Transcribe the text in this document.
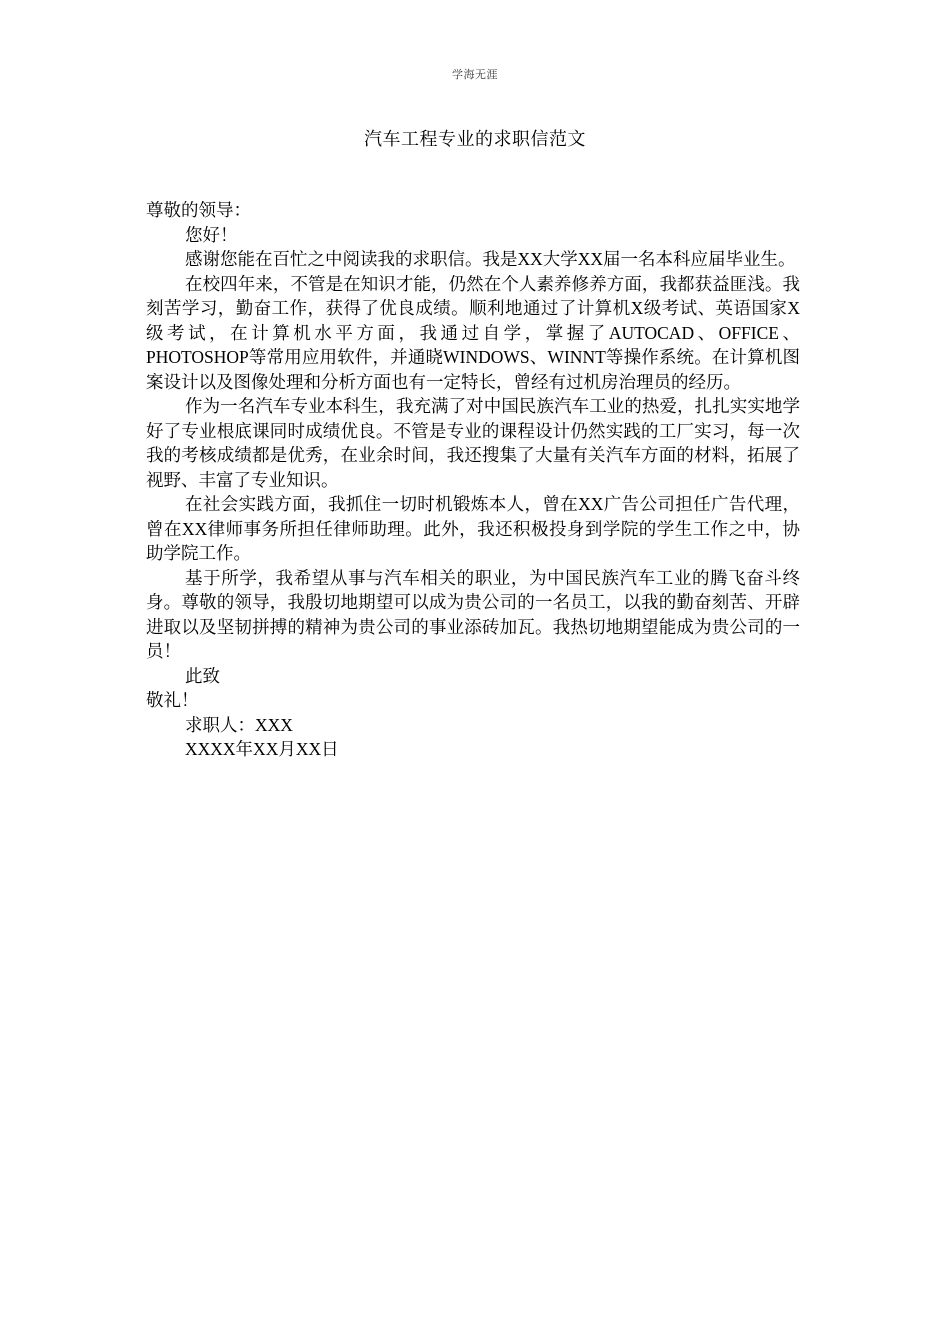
学海无涯
汽车工程专业的求职信范文

尊敬的领导：

您好！

感谢您能在百忙之中阅读我的求职信。我是XX大学XX届一名本科应届毕业生。

在校四年来，不管是在知识才能，仍然在个人素养修养方面，我都获益匪浅。我刻苦学习，勤奋工作，获得了优良成绩。顺利地通过了计算机X级考试、英语国家X级考试，在计算机水平方面，我通过自学，掌握了AUTOCAD、OFFICE、PHOTOSHOP等常用应用软件，并通晓WINDOWS、WINNT等操作系统。在计算机图案设计以及图像处理和分析方面也有一定特长，曾经有过机房治理员的经历。

作为一名汽车专业本科生，我充满了对中国民族汽车工业的热爱，扎扎实实地学好了专业根底课同时成绩优良。不管是专业的课程设计仍然实践的工厂实习，每一次我的考核成绩都是优秀，在业余时间，我还搜集了大量有关汽车方面的材料，拓展了视野、丰富了专业知识。

在社会实践方面，我抓住一切时机锻炼本人，曾在XX广告公司担任广告代理，曾在XX律师事务所担任律师助理。此外，我还积极投身到学院的学生工作之中，协助学院工作。

基于所学，我希望从事与汽车相关的职业，为中国民族汽车工业的腾飞奋斗终身。尊敬的领导，我殷切地期望可以成为贵公司的一名员工，以我的勤奋刻苦、开辟进取以及坚韧拼搏的精神为贵公司的事业添砖加瓦。我热切地期望能成为贵公司的一员！

此致

敬礼！

求职人：XXX

XXXX年XX月XX日
